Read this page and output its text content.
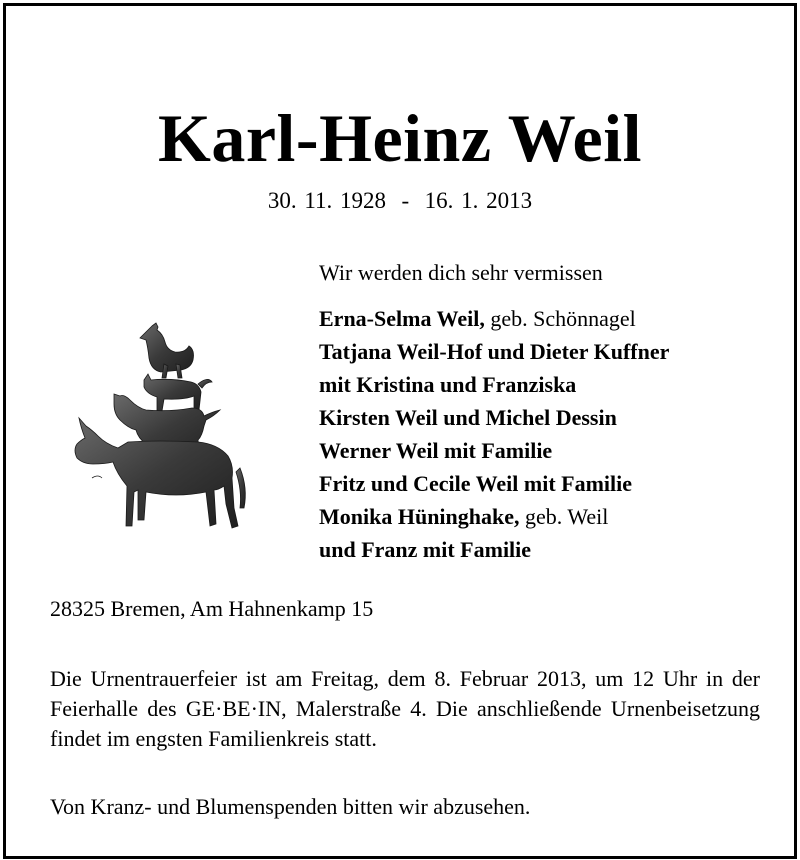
Karl-Heinz Weil
30. 11. 1928 - 16. 1. 2013
Wir werden dich sehr vermissen
Erna-Selma Weil, geb. Schönnagel
Tatjana Weil-Hof und Dieter Kuffner
mit Kristina und Franziska
Kirsten Weil und Michel Dessin
Werner Weil mit Familie
Fritz und Cecile Weil mit Familie
Monika Hüninghake, geb. Weil
und Franz mit Familie
28325 Bremen, Am Hahnenkamp 15
Die Urnentrauerfeier ist am Freitag, dem 8. Februar 2013, um 12 Uhr in der Feierhalle des GE·BE·IN, Malerstraße 4. Die anschließende Urnenbeisetzung findet im engsten Familienkreis statt.
Von Kranz- und Blumenspenden bitten wir abzusehen.
